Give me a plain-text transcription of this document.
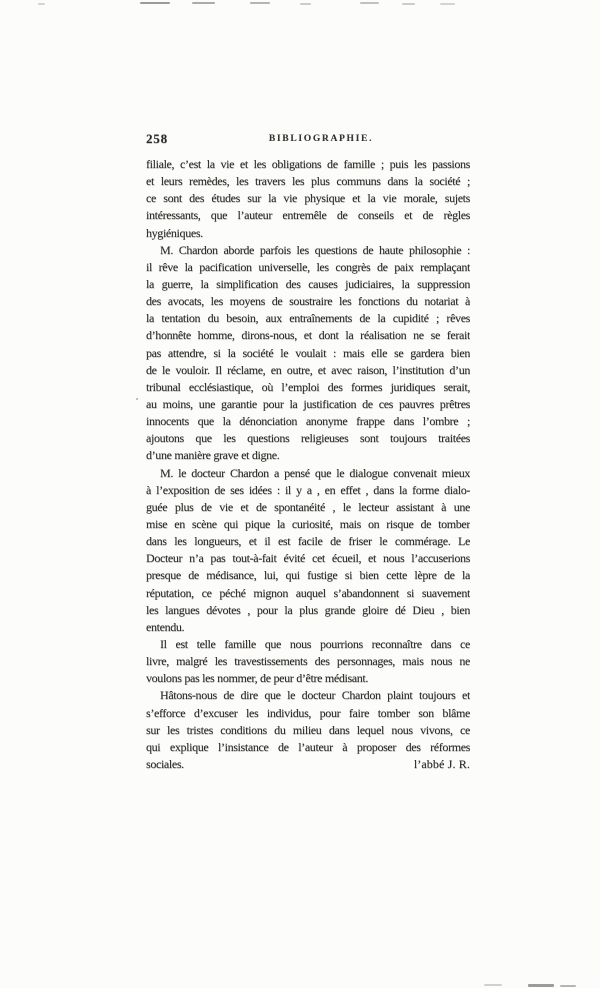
258	BIBLIOGRAPHIE.
filiale, c’est la vie et les obligations de famille ; puis les passions
et leurs remèdes, les travers les plus communs dans la société ;
ce sont des études sur la vie physique et la vie morale, sujets
intéressants, que l’auteur entremêle de conseils et de règles
hygiéniques.
M. Chardon aborde parfois les questions de haute philosophie :
il rêve la pacification universelle, les congrès de paix remplaçant
la guerre, la simplification des causes judiciaires, la suppression
des avocats, les moyens de soustraire les fonctions du notariat à
la tentation du besoin, aux entraînements de la cupidité ; rêves
d’honnête homme, dirons-nous, et dont la réalisation ne se ferait
pas attendre, si la société le voulait : mais elle se gardera bien
de le vouloir. Il réclame, en outre, et avec raison, l’institution d’un
tribunal ecclésiastique, où l’emploi des formes juridiques serait,
au moins, une garantie pour la justification de ces pauvres prêtres
innocents que la dénonciation anonyme frappe dans l’ombre ;
ajoutons que les questions religieuses sont toujours traitées
d’une manière grave et digne.
M. le docteur Chardon a pensé que le dialogue convenait mieux
à l’exposition de ses idées : il y a , en effet , dans la forme dialo-
guée plus de vie et de spontanéité , le lecteur assistant à une
mise en scène qui pique la curiosité, mais on risque de tomber
dans les longueurs, et il est facile de friser le commérage. Le
Docteur n’a pas tout-à-fait évité cet écueil, et nous l’accuserions
presque de médisance, lui, qui fustige si bien cette lèpre de la
réputation, ce péché mignon auquel s’abandonnent si suavement
les langues dévotes , pour la plus grande gloire dé Dieu , bien
entendu.
Il est telle famille que nous pourrions reconnaître dans ce
livre, malgré les travestissements des personnages, mais nous ne
voulons pas les nommer, de peur d’être médisant.
Hâtons-nous de dire que le docteur Chardon plaint toujours et
s’efforce d’excuser les individus, pour faire tomber son blâme
sur les tristes conditions du milieu dans lequel nous vivons, ce
qui explique l’insistance de l’auteur à proposer des réformes
sociales.	l’abbé J. R.
